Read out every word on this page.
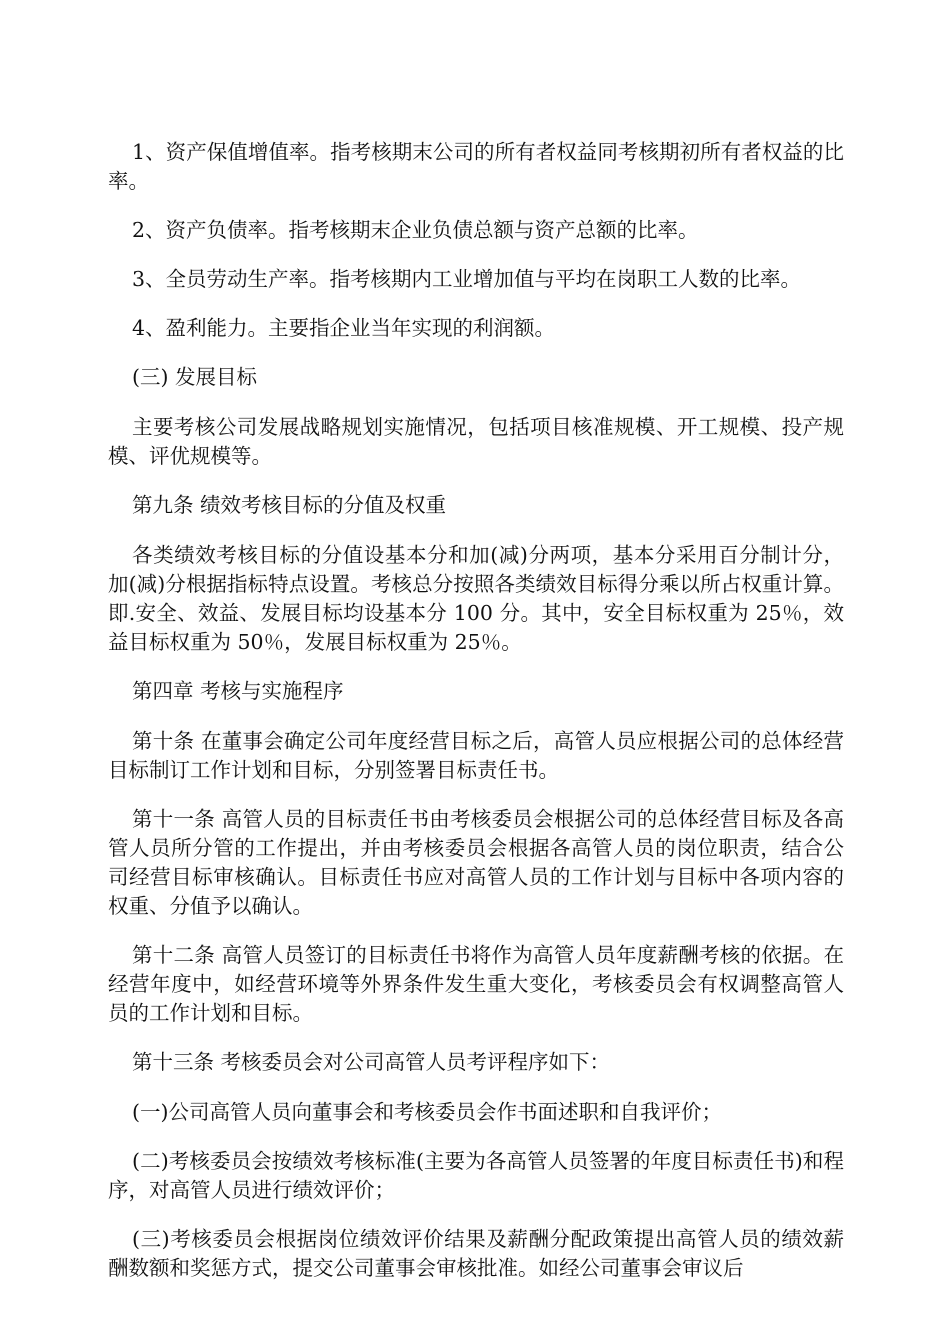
1、资产保值增值率。指考核期末公司的所有者权益同考核期初所有者权益的比率。

2、资产负债率。指考核期末企业负债总额与资产总额的比率。

3、全员劳动生产率。指考核期内工业增加值与平均在岗职工人数的比率。

4、盈利能力。主要指企业当年实现的利润额。

(三) 发展目标

主要考核公司发展战略规划实施情况，包括项目核准规模、开工规模、投产规模、评优规模等。

第九条 绩效考核目标的分值及权重

各类绩效考核目标的分值设基本分和加(减)分两项，基本分采用百分制计分，加(减)分根据指标特点设置。考核总分按照各类绩效目标得分乘以所占权重计算。即.安全、效益、发展目标均设基本分 100 分。其中，安全目标权重为 25％，效益目标权重为 50％，发展目标权重为 25％。

第四章 考核与实施程序

第十条 在董事会确定公司年度经营目标之后，高管人员应根据公司的总体经营目标制订工作计划和目标，分别签署目标责任书。

第十一条 高管人员的目标责任书由考核委员会根据公司的总体经营目标及各高管人员所分管的工作提出，并由考核委员会根据各高管人员的岗位职责，结合公司经营目标审核确认。目标责任书应对高管人员的工作计划与目标中各项内容的权重、分值予以确认。

第十二条 高管人员签订的目标责任书将作为高管人员年度薪酬考核的依据。在经营年度中，如经营环境等外界条件发生重大变化，考核委员会有权调整高管人员的工作计划和目标。

第十三条 考核委员会对公司高管人员考评程序如下：

(一)公司高管人员向董事会和考核委员会作书面述职和自我评价；

(二)考核委员会按绩效考核标准(主要为各高管人员签署的年度目标责任书)和程序，对高管人员进行绩效评价；

(三)考核委员会根据岗位绩效评价结果及薪酬分配政策提出高管人员的绩效薪酬数额和奖惩方式，提交公司董事会审核批准。如经公司董事会审议后
